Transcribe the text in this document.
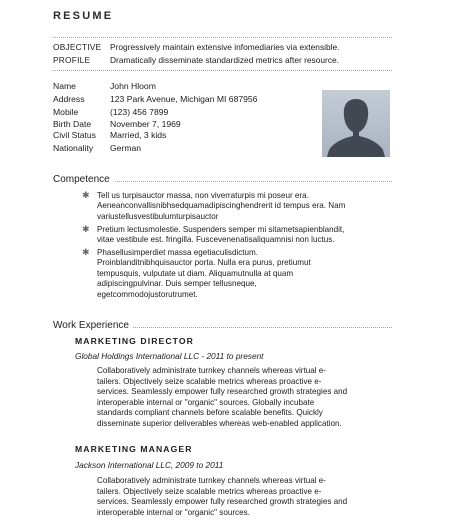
RESUME
OBJECTIVE Progressively maintain extensive infomediaries via extensible.
PROFILE Dramatically disseminate standardized metrics after resource.
Name	John Hloom
Address	123 Park Avenue, Michigan MI 687956
Mobile	(123) 456 7899
Birth Date November 7, 1969
Civil Status Married, 3 kids
Nationality German
Competence
✱ Tell us turpisauctor massa, non viverraturpis mi poseur era.
Aeneanconvallisnibhsedquamadipiscinghendrerit id tempus era. Nam
variustellusvestibulumturpisauctor
✱ Pretium lectusmolestie. Suspenders semper mi sitametsapienblandit,
vitae vestibule est. fringilla. Fuscevenenatisaliquamnisi non luctus.
✱ Phasellusimperdiet massa egetiaculisdictum.
Proinblanditnibhquisauctor porta. Nulla era purus, pretiumut
tempusquis, vulputate ut diam. Aliquamutnulla at quam
adipiscingpulvinar. Duis semper tellusneque,
egetcommodojustorutrumet.
Work Experience
MARKETING DIRECTOR
Global Holdings International LLC - 2011 to present
Collaboratively administrate turnkey channels whereas virtual e-
tailers. Objectively seize scalable metrics whereas proactive e-
services. Seamlessly empower fully researched growth strategies and
interoperable internal or "organic" sources. Globally incubate
standards compliant channels before scalable benefits. Quickly
disseminate superior deliverables whereas web-enabled application.
MARKETING MANAGER
Jackson International LLC, 2009 to 2011
Collaboratively administrate turnkey channels whereas virtual e-
tailers. Objectively seize scalable metrics whereas proactive e-
services. Seamlessly empower fully researched growth strategies and
interoperable internal or "organic" sources.
